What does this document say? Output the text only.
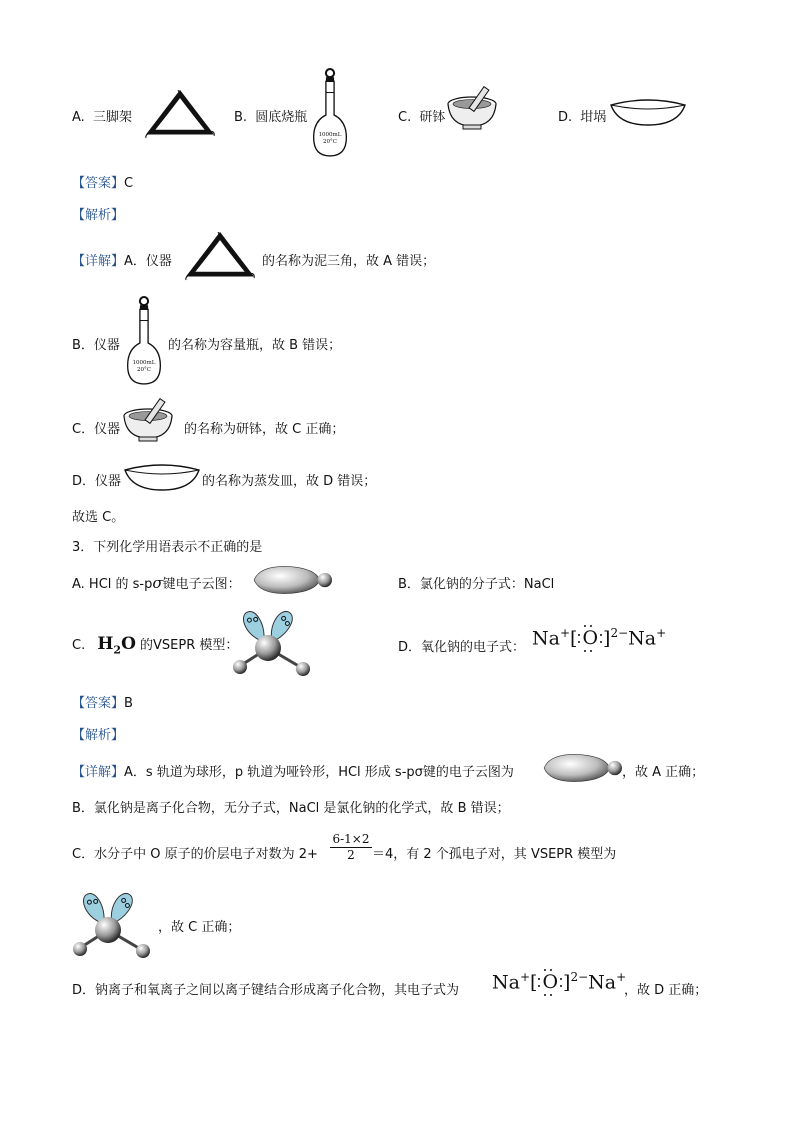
A. 三脚架	B. 圆底烧瓶
1000mL
20°C
C. 研钵	D. 坩埚
【答案】C
【解析】
【详解】A．仪器	的名称为泥三角，故 A 错误；
B．仪器
1000mL
20°C
的名称为容量瓶，故 B 错误；
C．仪器	的名称为研钵，故 C 正确；
D．仪器	的名称为蒸发皿，故 D 错误；
故选 C。
3．下列化学用语表示不正确的是
A. HCl 的 s-pσ键电子云图：	B．氯化钠的分子式：NaCl
C. $H_2O$ 的VSEPR 模型：	D．氧化钠的电子式： Na+[ O ]$^{2-}$Na+
【答案】B
【解析】
【详解】A．s 轨道为球形，p 轨道为哑铃形，HCl 形成 s-pσ键的电子云图为	，故 A 正确；
B．氯化钠是离子化合物，无分子式，NaCl 是氯化钠的化学式，故 B 错误；
C．水分子中 O 原子的价层电子对数为 $2+ \frac{6-1\times 2}{2} =4$，有 2 个孤电子对，其 VSEPR 模型为
，故 C 正确；
D．钠离子和氧离子之间以离子键结合形成离子化合物，其电子式为 Na+[ O ]$^{2-}$Na+
，故 D 正确；
